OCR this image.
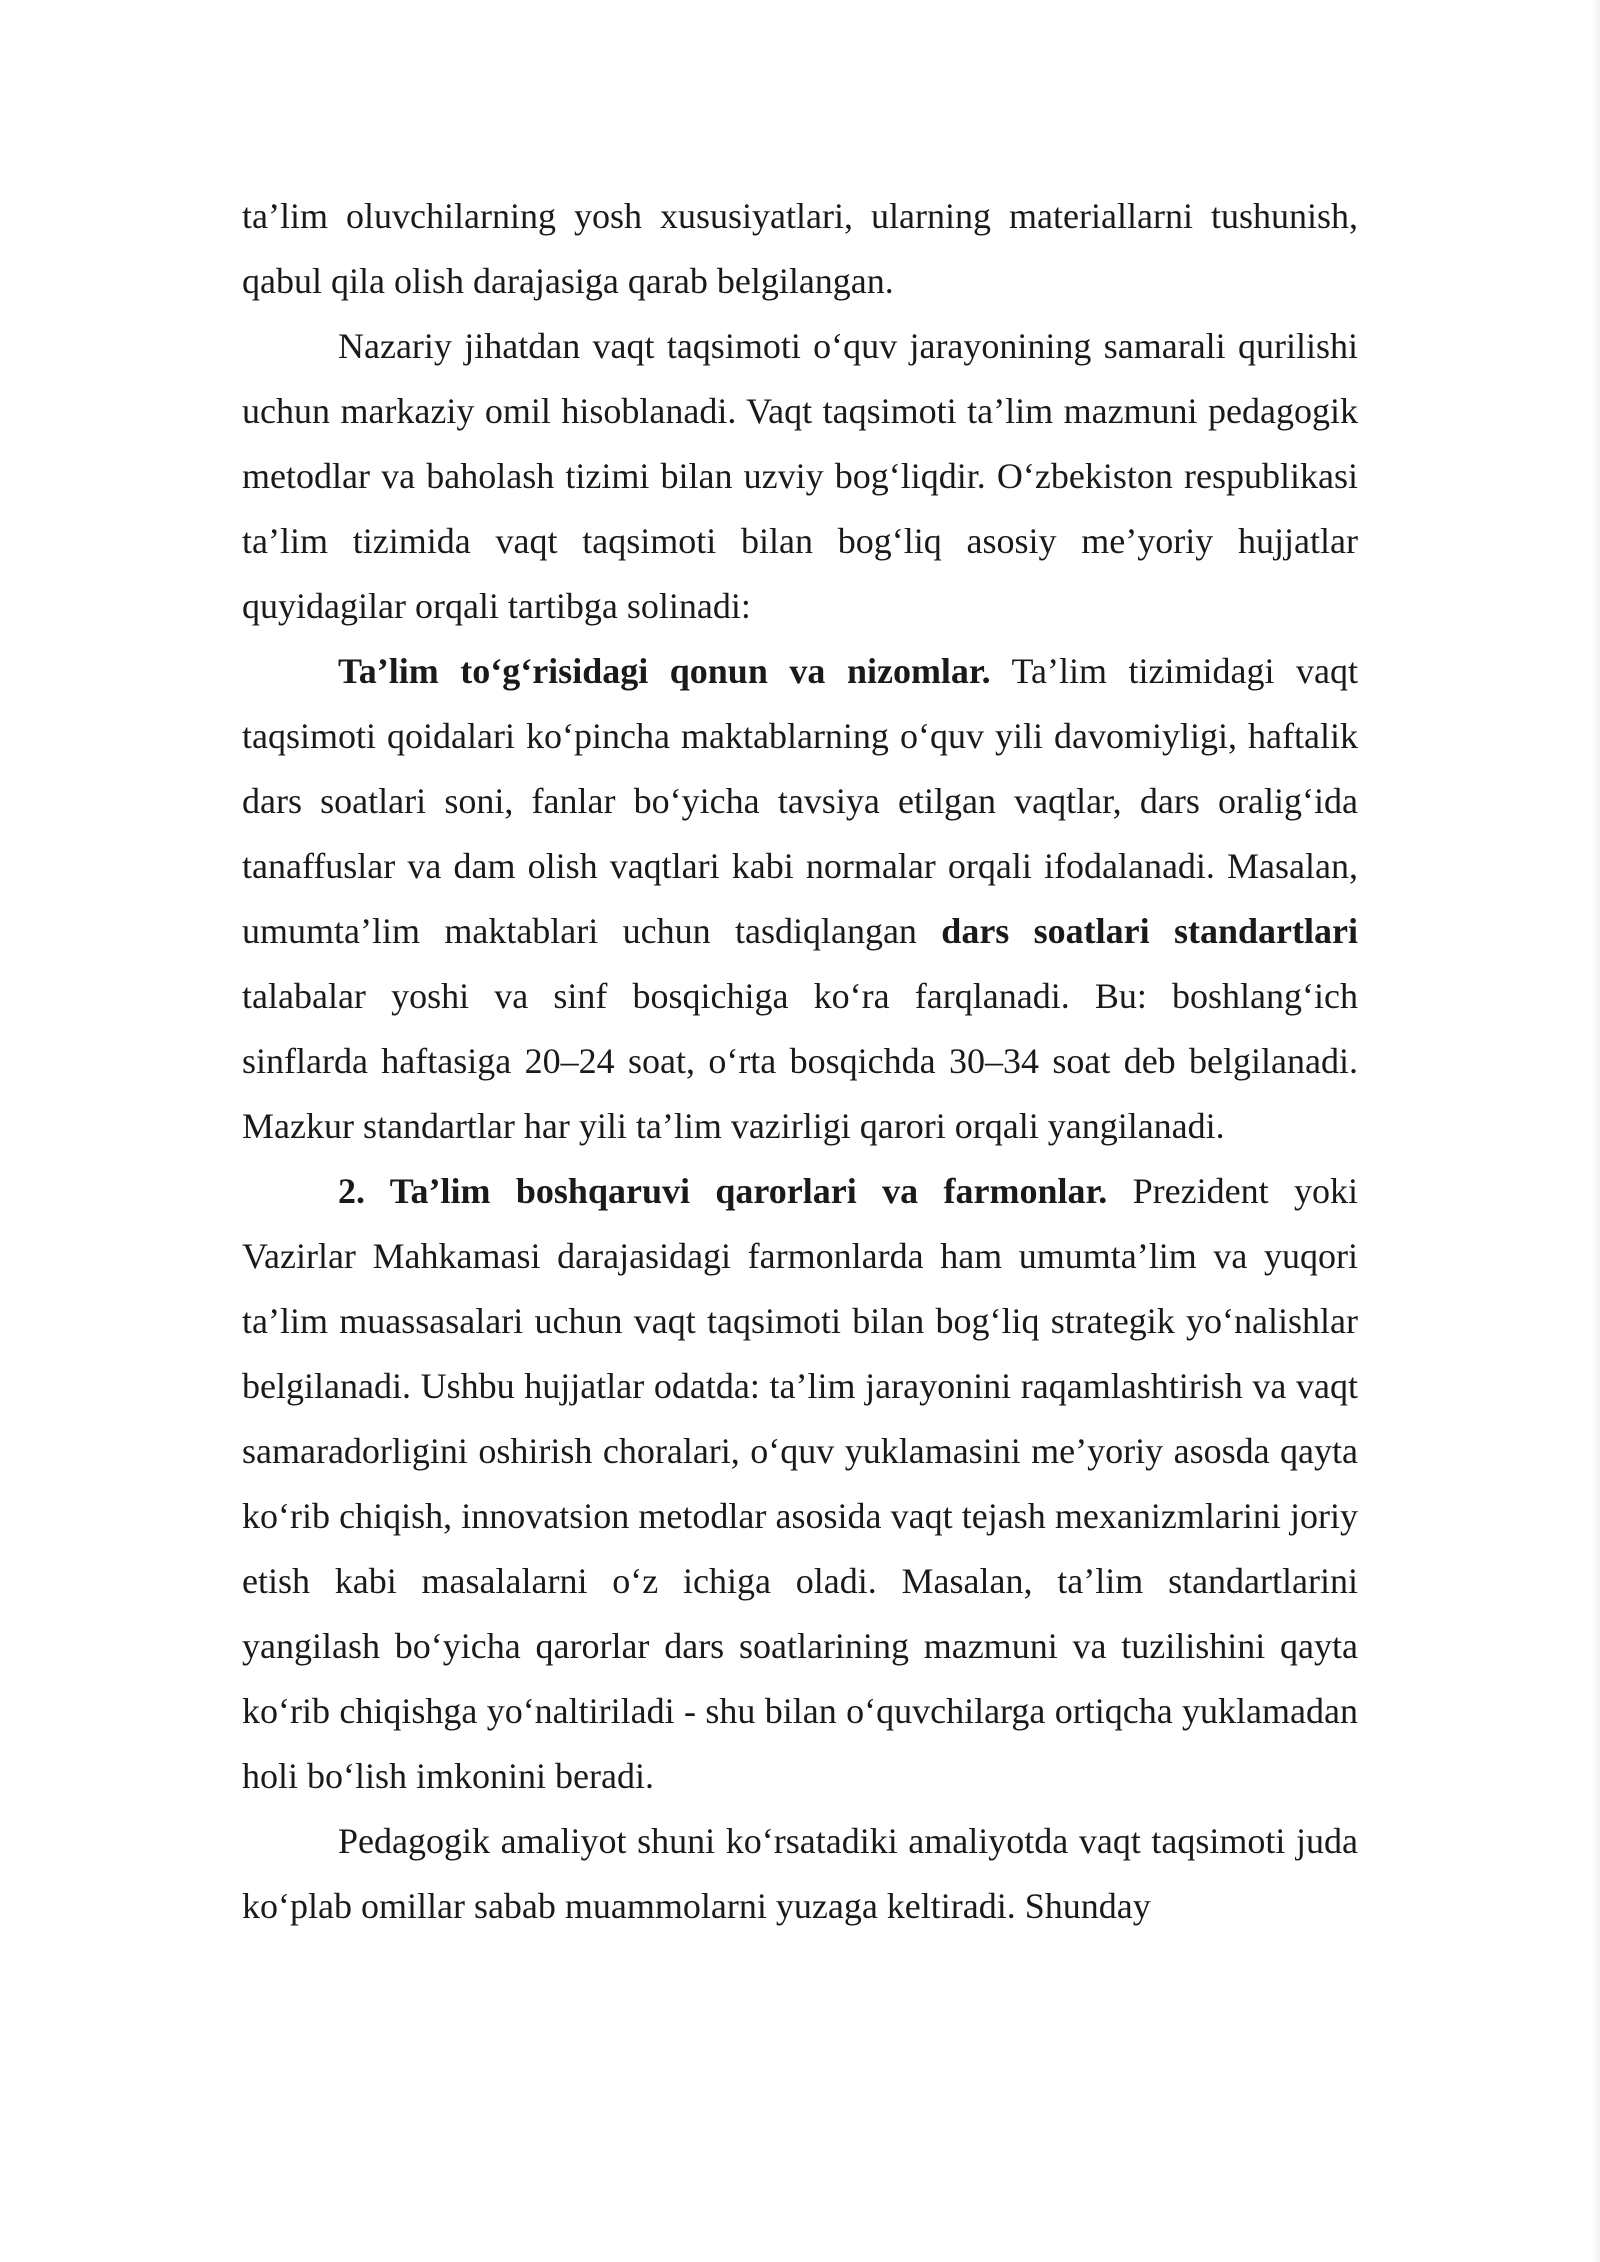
ta’lim oluvchilarning yosh xususiyatlari, ularning materiallarni tushunish, qabul qila olish darajasiga qarab belgilangan.

Nazariy jihatdan vaqt taqsimoti o‘quv jarayonining samarali qurilishi uchun markaziy omil hisoblanadi. Vaqt taqsimoti ta’lim mazmuni pedagogik metodlar va baholash tizimi bilan uzviy bog‘liqdir. O‘zbekiston respublikasi ta’lim tizimida vaqt taqsimoti bilan bog‘liq asosiy me’yoriy hujjatlar quyidagilar orqali tartibga solinadi:

Ta’lim to‘g‘risidagi qonun va nizomlar. Ta’lim tizimidagi vaqt taqsimoti qoidalari ko‘pincha maktablarning o‘quv yili davomiyligi, haftalik dars soatlari soni, fanlar bo‘yicha tavsiya etilgan vaqtlar, dars oralig‘ida tanaffuslar va dam olish vaqtlari kabi normalar orqali ifodalanadi. Masalan, umumta’lim maktablari uchun tasdiqlangan dars soatlari standartlari talabalar yoshi va sinf bosqichiga ko‘ra farqlanadi. Bu: boshlang‘ich sinflarda haftasiga 20–24 soat, o‘rta bosqichda 30–34 soat deb belgilanadi. Mazkur standartlar har yili ta’lim vazirligi qarori orqali yangilanadi.

2. Ta’lim boshqaruvi qarorlari va farmonlar. Prezident yoki Vazirlar Mahkamasi darajasidagi farmonlarda ham umumta’lim va yuqori ta’lim muassasalari uchun vaqt taqsimoti bilan bog‘liq strategik yo‘nalishlar belgilanadi. Ushbu hujjatlar odatda: ta’lim jarayonini raqamlashtirish va vaqt samaradorligini oshirish choralari, o‘quv yuklamasini me’yoriy asosda qayta ko‘rib chiqish, innovatsion metodlar asosida vaqt tejash mexanizmlarini joriy etish kabi masalalarni o‘z ichiga oladi. Masalan, ta’lim standartlarini yangilash bo‘yicha qarorlar dars soatlarining mazmuni va tuzilishini qayta ko‘rib chiqishga yo‘naltiriladi - shu bilan o‘quvchilarga ortiqcha yuklamadan holi bo‘lish imkonini beradi.

Pedagogik amaliyot shuni ko‘rsatadiki amaliyotda vaqt taqsimoti juda ko‘plab omillar sabab muammolarni yuzaga keltiradi. Shunday
